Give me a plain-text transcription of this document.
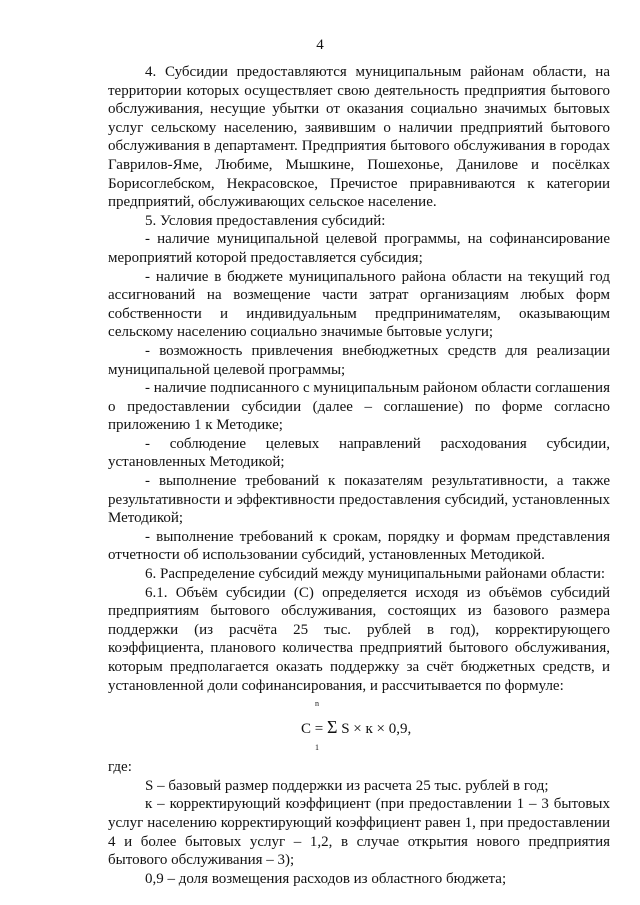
4

4. Субсидии предоставляются муниципальным районам области, на территории которых осуществляет свою деятельность предприятия бытового обслуживания, несущие убытки от оказания социально значимых бытовых услуг сельскому населению, заявившим о наличии предприятий бытового обслуживания в департамент. Предприятия бытового обслуживания в городах Гаврилов-Яме, Любиме, Мышкине, Пошехонье, Данилове и посёлках Борисоглебском, Некрасовское, Пречистое приравниваются к категории предприятий, обслуживающих сельское население.

5. Условия предоставления субсидий:

- наличие муниципальной целевой программы, на софинансирование мероприятий которой предоставляется субсидия;

- наличие в бюджете муниципального района области на текущий год ассигнований на возмещение части затрат организациям любых форм собственности и индивидуальным предпринимателям, оказывающим сельскому населению социально значимые бытовые услуги;

- возможность привлечения внебюджетных средств для реализации муниципальной целевой программы;

- наличие подписанного с муниципальным районом области соглашения о предоставлении субсидии (далее – соглашение) по форме согласно приложению 1 к Методике;

- соблюдение целевых направлений расходования субсидии, установленных Методикой;

- выполнение требований к показателям результативности, а также результативности и эффективности предоставления субсидий, установленных Методикой;

- выполнение требований к срокам, порядку и формам представления отчетности об использовании субсидий, установленных Методикой.

6. Распределение субсидий между муниципальными районами области:

6.1. Объём субсидии (С) определяется исходя из объёмов субсидий предприятиям бытового обслуживания, состоящих из базового размера поддержки (из расчёта 25 тыс. рублей в год), корректирующего коэффициента, планового количества предприятий бытового обслуживания, которым предполагается оказать поддержку за счёт бюджетных средств, и установленной доли софинансирования, и рассчитывается по формуле:

n
С = Σ S × к × 0,9,
1

где:

S – базовый размер поддержки из расчета 25 тыс. рублей в год;

к – корректирующий коэффициент (при предоставлении 1 – 3 бытовых услуг населению корректирующий коэффициент равен 1, при предоставлении 4 и более бытовых услуг – 1,2, в случае открытия нового предприятия бытового обслуживания – 3);

0,9 – доля возмещения расходов из областного бюджета;
